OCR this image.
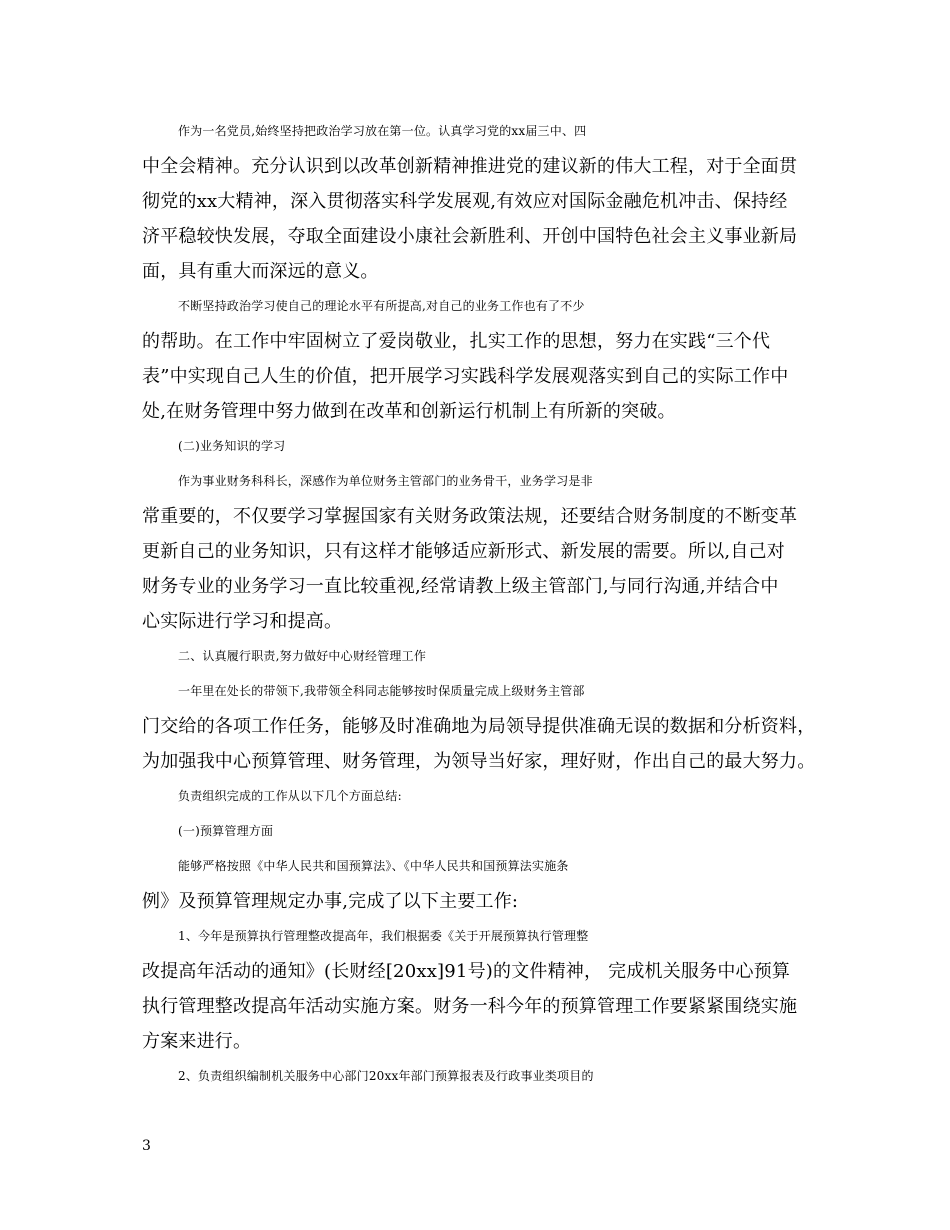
作为一名党员,始终坚持把政治学习放在第一位。认真学习党的xx届三中、四
中全会精神。充分认识到以改革创新精神推进党的建议新的伟大工程，对于全面贯
彻党的xx大精神，深入贯彻落实科学发展观,有效应对国际金融危机冲击、保持经
济平稳较快发展，夺取全面建设小康社会新胜利、开创中国特色社会主义事业新局
面，具有重大而深远的意义。
不断坚持政治学习使自己的理论水平有所提高,对自己的业务工作也有了不少
的帮助。在工作中牢固树立了爱岗敬业，扎实工作的思想，努力在实践“三个代
表”中实现自己人生的价值，把开展学习实践科学发展观落实到自己的实际工作中
处,在财务管理中努力做到在改革和创新运行机制上有所新的突破。
(二)业务知识的学习
作为事业财务科科长，深感作为单位财务主管部门的业务骨干，业务学习是非
常重要的，不仅要学习掌握国家有关财务政策法规，还要结合财务制度的不断变革
更新自己的业务知识，只有这样才能够适应新形式、新发展的需要。所以,自己对
财务专业的业务学习一直比较重视,经常请教上级主管部门,与同行沟通,并结合中
心实际进行学习和提高。
二、认真履行职责,努力做好中心财经管理工作
一年里在处长的带领下,我带领全科同志能够按时保质量完成上级财务主管部
门交给的各项工作任务，能够及时准确地为局领导提供准确无误的数据和分析资料，
为加强我中心预算管理、财务管理，为领导当好家，理好财，作出自己的最大努力。
负责组织完成的工作从以下几个方面总结:
(一)预算管理方面
能够严格按照《中华人民共和国预算法》、《中华人民共和国预算法实施条
例》及预算管理规定办事,完成了以下主要工作:
1、今年是预算执行管理整改提高年，我们根据委《关于开展预算执行管理整
改提高年活动的通知》(长财经[20xx]91号)的文件精神， 完成机关服务中心预算
执行管理整改提高年活动实施方案。财务一科今年的预算管理工作要紧紧围绕实施
方案来进行。
2、负责组织编制机关服务中心部门20xx年部门预算报表及行政事业类项目的
3
